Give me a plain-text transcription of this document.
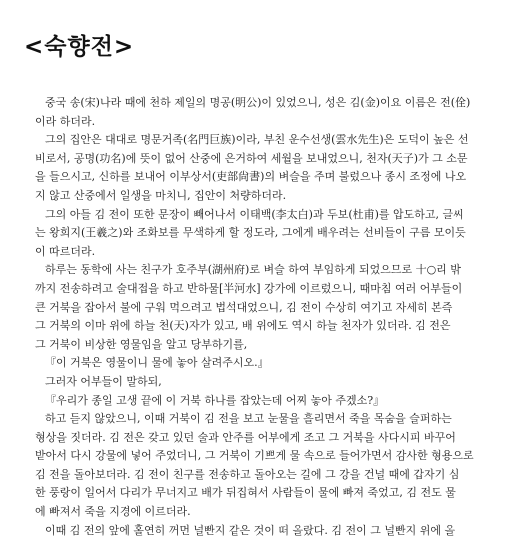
<숙향전>
중국 송(宋)나라 때에 천하 제일의 명공(明公)이 있었으니, 성은 김(金)이요 이름은 전(佺)
이라 하더라.
그의 집안은 대대로 명문거족(名門巨族)이라, 부친 운수선생(雲水先生)은 도덕이 높은 선
비로서, 공명(功名)에 뜻이 없어 산중에 은거하여 세월을 보내었으니, 천자(天子)가 그 소문
을 들으시고, 신하를 보내어 이부상서(吏部尙書)의 벼슬을 주며 불렀으나 종시 조정에 나오
지 않고 산중에서 일생을 마치니, 집안이 처량하더라.
그의 아들 김 전이 또한 문장이 빼어나서 이태백(李太白)과 두보(杜甫)를 압도하고, 글씨
는 왕희지(王羲之)와 조화보를 무색하게 할 정도라, 그에게 배우려는 선비들이 구름 모이듯
이 따르더라.
하루는 동학에 사는 친구가 호주부(湖州府)로 벼슬 하여 부임하게 되었으므로 十○리 밖
까지 전송하려고 술대접을 하고 반하물[半河水] 강가에 이르렀으니, 때마침 여러 어부들이
큰 거북을 잡아서 불에 구워 먹으려고 법석대었으니, 김 전이 수상히 여기고 자세히 본즉
그 거북의 이마 위에 하늘 천(天)자가 있고, 배 위에도 역시 하늘 천자가 있더라. 김 전은
그 거북이 비상한 영물임을 알고 당부하기를,
『이 거북은 영물이니 물에 놓아 살려주시오.』
그러자 어부들이 말하되,
『우리가 종일 고생 끝에 이 거북 하나를 잡았는데 어찌 놓아 주겠소?』
하고 듣지 않았으니, 이때 거북이 김 전을 보고 눈물을 흘리면서 죽을 목숨을 슬퍼하는
형상을 짓더라. 김 전은 갖고 있던 술과 안주를 어부에게 조고 그 거북을 사다시피 바꾸어
받아서 다시 강물에 넣어 주었더니, 그 거북이 기쁘게 물 속으로 들어가면서 감사한 형용으로
김 전을 돌아보더라. 김 전이 친구를 전송하고 돌아오는 길에 그 강을 건널 때에 갑자기 심
한 풍랑이 일어서 다리가 무너지고 배가 뒤집혀서 사람들이 물에 빠져 죽었고, 김 전도 물
에 빠져서 죽을 지경에 이르더라.
이때 김 전의 앞에 홀연히 꺼먼 널빤지 같은 것이 떠 올랐다. 김 전이 그 널빤지 위에 올
